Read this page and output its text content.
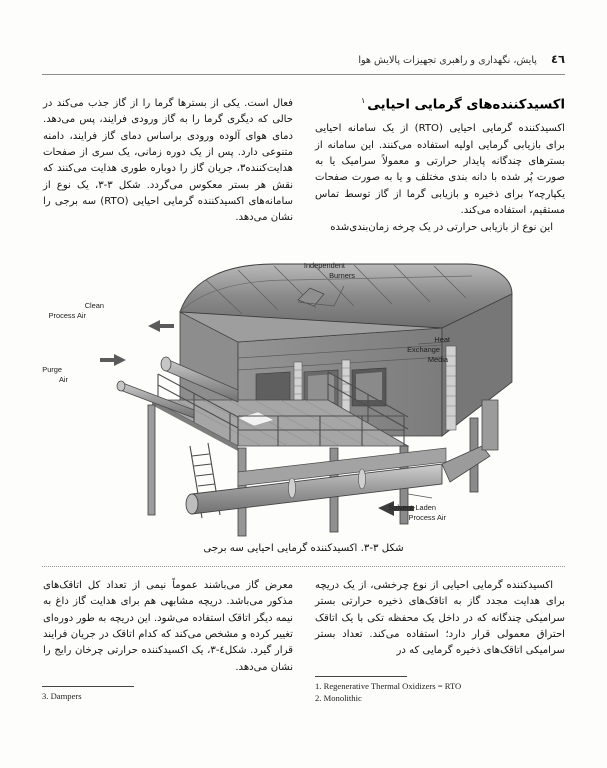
٤٦
پایش، نگهداری و راهبری تجهیزات پالایش هوا
اکسیدکننده‌های گرمایی احیایی$^١$

اکسیدکننده گرمایی احیایی (RTO) از یک سامانه احیایی برای بازیابی گرمایی اولیه استفاده می‌کنند. این سامانه از بسترهای چندگانه پایدار حرارتی و معمولاً سرامیک یا به صورت پُر شده با دانه بندی مختلف و یا به صورت صفحات یکپارچه٢ برای ذخیره و بازیابی گرما از گاز توسط تماس مستقیم، استفاده می‌کند.

این نوع از بازیابی حرارتی در یک چرخه زمان‌بندی‌شده

فعال است. یکی از بسترها گرما را از گاز جذب می‌کند در حالی که دیگری گرما را به گاز ورودی فرایند، پس می‌دهد. دمای هوای آلوده ورودی براساس دمای گاز فرایند، دامنه متنوعی دارد. پس از یک دوره زمانی، یک سری از صفحات هدایت‌کننده٣، جریان گاز را دوباره طوری هدایت می‌کنند که نقش هر بستر معکوس می‌گردد. شکل ٣-٣، یک نوع از سامانه‌های اکسیدکننده گرمایی احیایی (RTO) سه برجی را نشان می‌دهد.

Independent
Burners
Clean
Process Air
Purge
Air
Heat
Exchange
Media
Solvent-Laden
Process Air
شکل ٣-٣. اکسیدکننده گرمایی احیایی سه برجی

اکسیدکننده گرمایی احیایی از نوع چرخشی، از یک دریچه برای هدایت مجدد گاز به اتاقک‌های ذخیره حرارتی بستر سرامیکی چندگانه که در داخل یک محفظه تکی با یک اتاقک احتراق معمولی قرار دارد؛ استفاده می‌کند. تعداد بستر سرامیکی اتاقک‌های ذخیره گرمایی که در

معرض گاز می‌باشند عموماً نیمی از تعداد کل اتاقک‌های مذکور می‌باشد. دریچه مشابهی هم برای هدایت گاز داغ به نیمه دیگر اتاقک استفاده می‌شود. این دریچه به طور دوره‌ای تغییر کرده و مشخص می‌کند که کدام اتاقک در جریان فرایند قرار گیرد. شکل٤-٣، یک اکسیدکننده حرارتی چرخان رایج را نشان می‌دهد.

1. Regenerative Thermal Oxidizers = RTO
2. Monolithic
3. Dampers
